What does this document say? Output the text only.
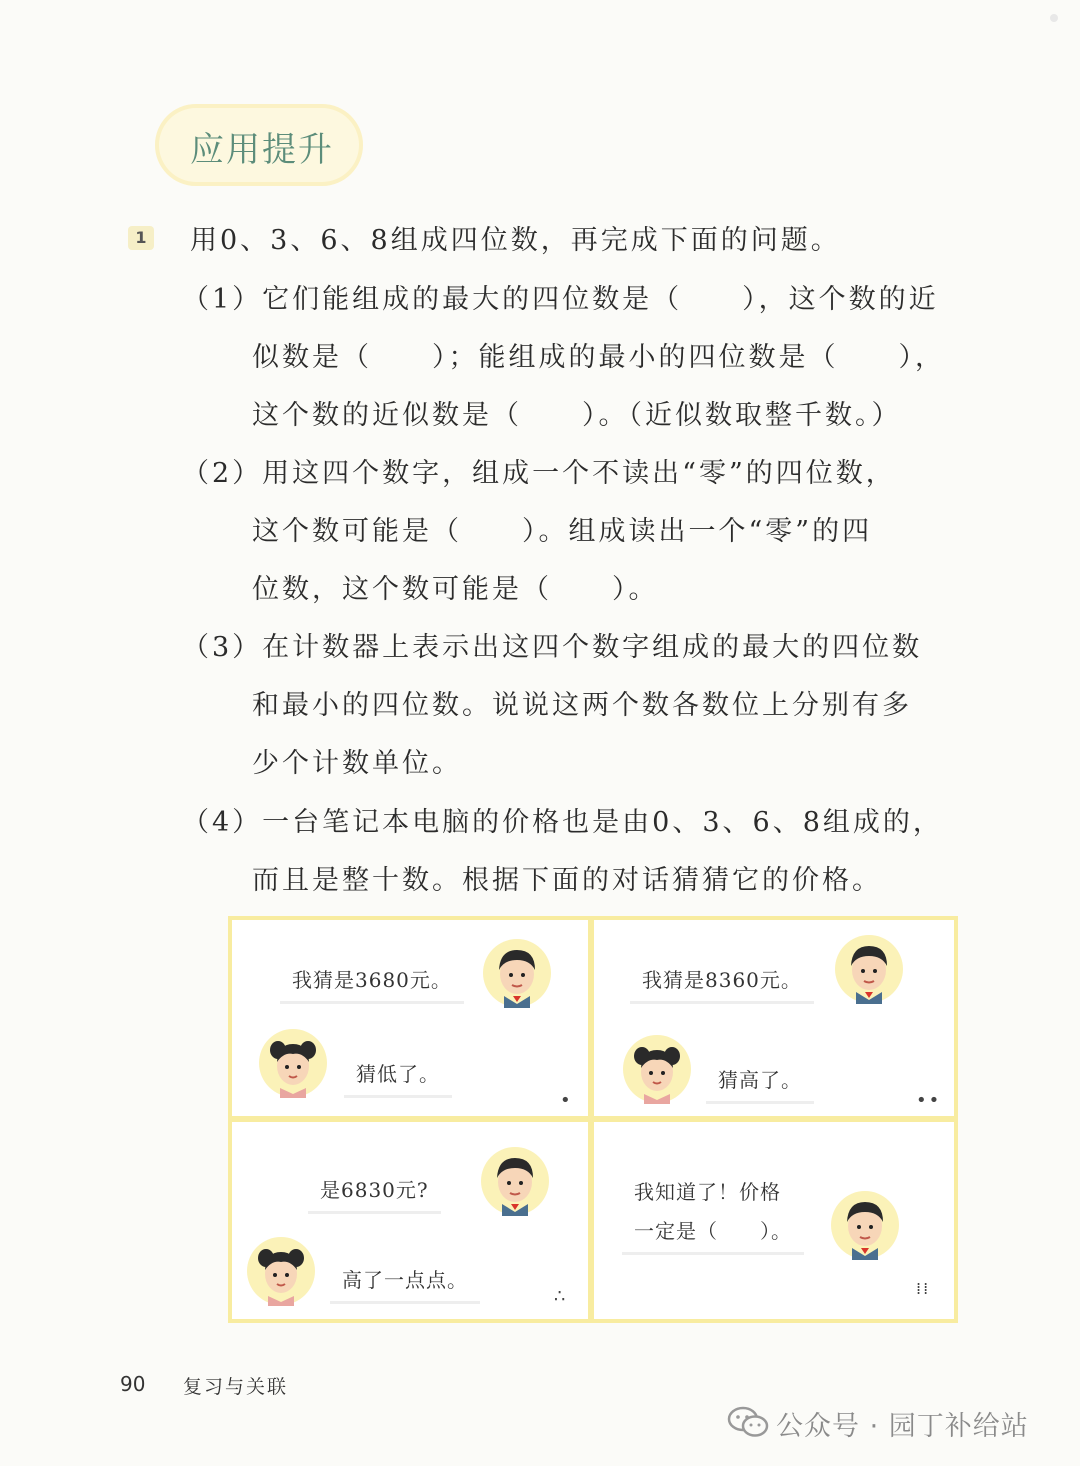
应用提升
1 用0、3、6、8组成四位数，再完成下面的问题。
（1）它们能组成的最大的四位数是（　　），这个数的近
似数是（　　）；能组成的最小的四位数是（　　），
这个数的近似数是（　　）。（近似数取整千数。）
（2）用这四个数字，组成一个不读出“零”的四位数，
这个数可能是（　　）。组成读出一个“零”的四
位数，这个数可能是（　　）。
（3）在计数器上表示出这四个数字组成的最大的四位数
和最小的四位数。说说这两个数各数位上分别有多
少个计数单位。
（4）一台笔记本电脑的价格也是由0、3、6、8组成的，
而且是整十数。根据下面的对话猜猜它的价格。
我猜是3680元。
猜低了。
•
我猜是8360元。
猜高了。
••
是6830元?
高了一点点。
∴
我知道了！价格
一定是（　　）。
⁞⁞
90 复习与关联
公众号 · 园丁补给站
